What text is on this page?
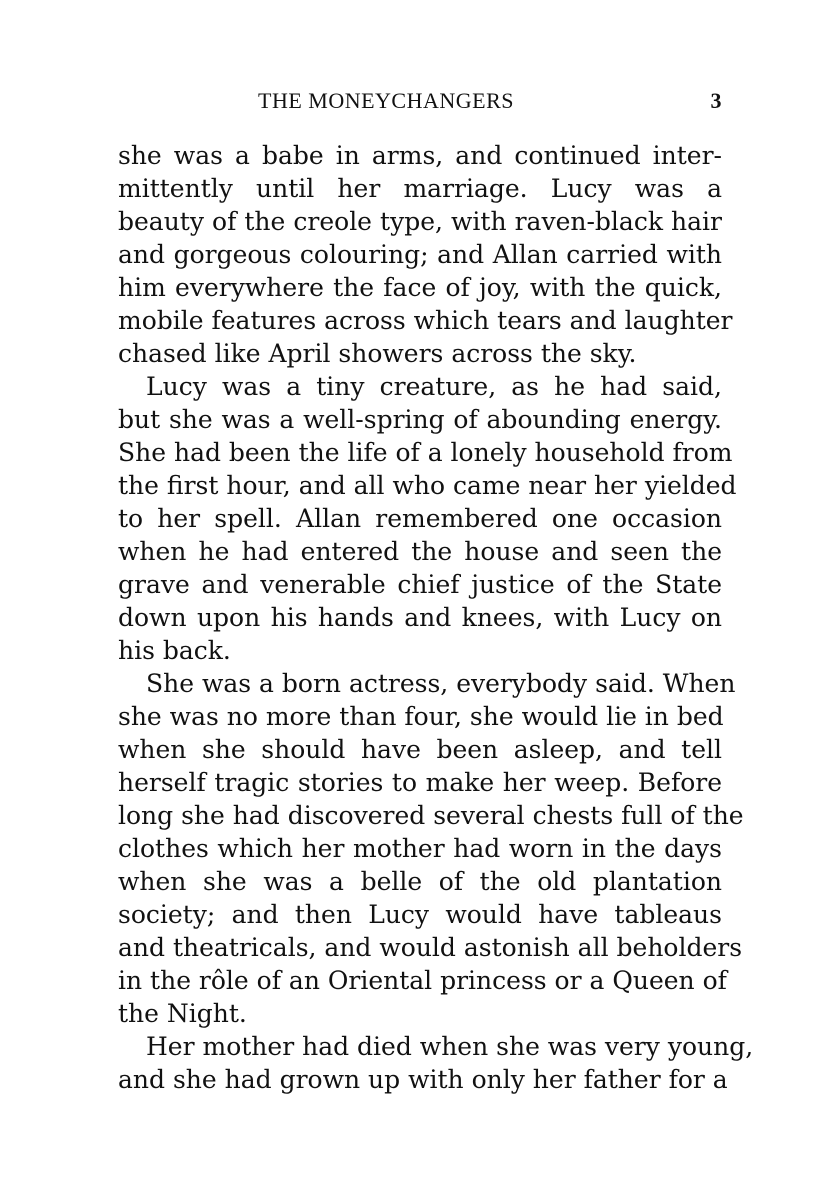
THE MONEYCHANGERS	3
she was a babe in arms, and continued inter-
mittently until her marriage. Lucy was a
beauty of the creole type, with raven-black hair
and gorgeous colouring; and Allan carried with
him everywhere the face of joy, with the quick,
mobile features across which tears and laughter
chased like April showers across the sky.
Lucy was a tiny creature, as he had said,
but she was a well-spring of abounding energy.
She had been the life of a lonely household from
the first hour, and all who came near her yielded
to her spell. Allan remembered one occasion
when he had entered the house and seen the
grave and venerable chief justice of the State
down upon his hands and knees, with Lucy on
his back.
She was a born actress, everybody said. When
she was no more than four, she would lie in bed
when she should have been asleep, and tell
herself tragic stories to make her weep. Before
long she had discovered several chests full of the
clothes which her mother had worn in the days
when she was a belle of the old plantation
society; and then Lucy would have tableaus
and theatricals, and would astonish all beholders
in the rôle of an Oriental princess or a Queen of
the Night.
Her mother had died when she was very young,
and she had grown up with only her father for a
